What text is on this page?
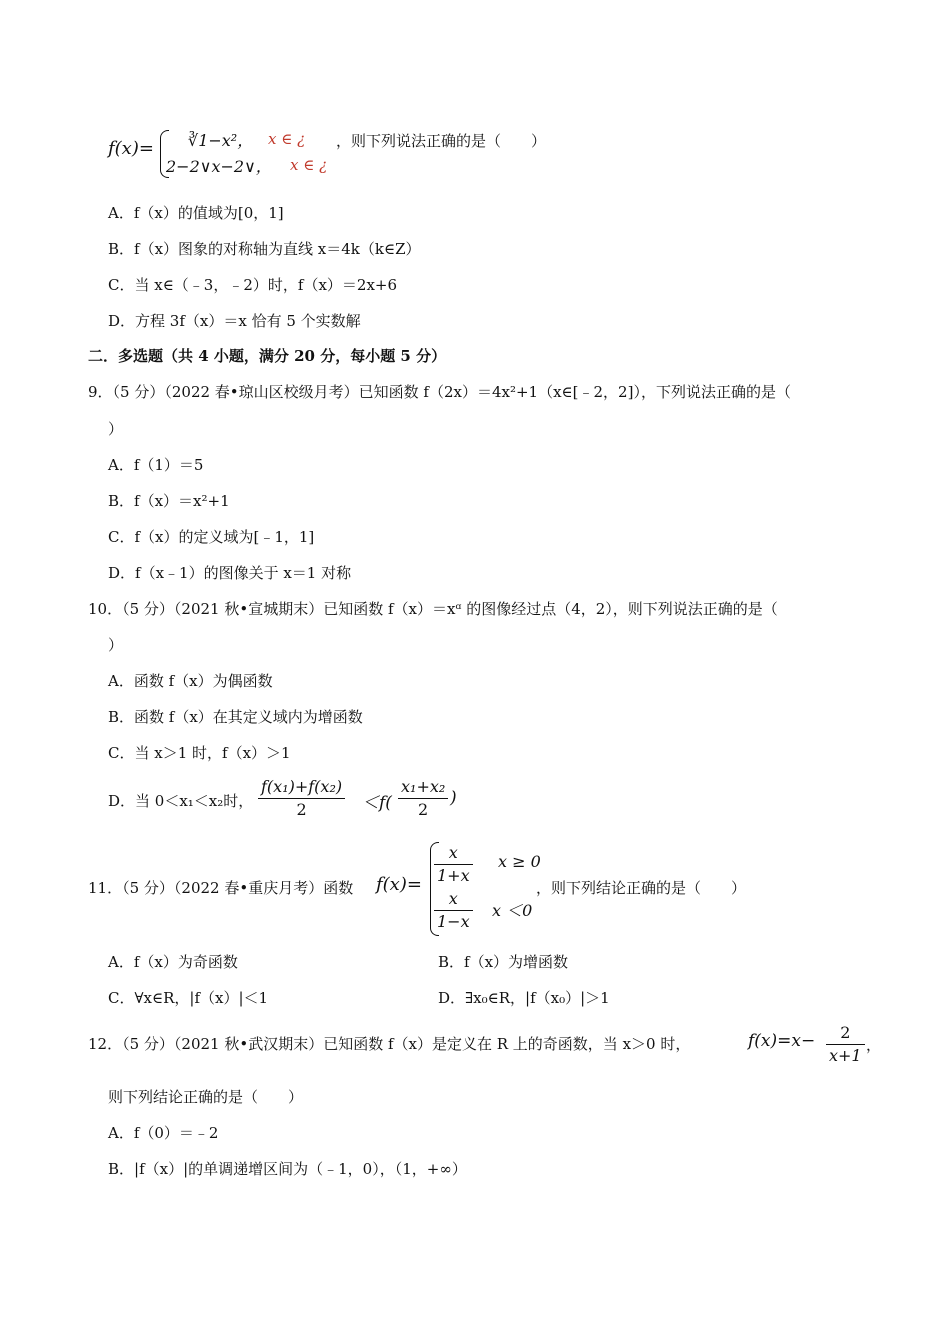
f(x)= ∛1−x²， x ∈ ¿
2−2∨x−2∨， x ∈ ¿
，则下列说法正确的是（　　）
A．f（x）的值域为[0，1]
B．f（x）图象的对称轴为直线 x＝4k（k∈Z）
C．当 x∈（﹣3，﹣2）时，f（x）＝2x+6
D．方程 3f（x）＝x 恰有 5 个实数解
二．多选题（共 4 小题，满分 20 分，每小题 5 分）
9．（5 分）（2022 春•琼山区校级月考）已知函数 f（2x）＝4x²+1（x∈[﹣2，2]），下列说法正确的是（
）
A．f（1）＝5
B．f（x）＝x²+1
C．f（x）的定义域为[﹣1，1]
D．f（x﹣1）的图像关于 x＝1 对称
10．（5 分）（2021 秋•宣城期末）已知函数 f（x）＝xᵅ 的图像经过点（4，2），则下列说法正确的是（
）
A．函数 f（x）为偶函数
B．函数 f（x）在其定义域内为增函数
C．当 x＞1 时，f（x）＞1
D．当 0＜x₁＜x₂时， $\frac{\text{f(x₁)+f(x₂)}}{2} <f( \frac{\text{x₁+x₂}}{2}$ )
11．（5 分）（2022 春•重庆月考）函数 $f(x)= \frac{x}{1+x}$ x ≥ 0
$\frac{x}{1-x}$ x ＜0
，则下列结论正确的是（　　）
A．f（x）为奇函数	B．f（x）为增函数
C．∀x∈R，|f（x）|＜1	D．∃x₀∈R，|f（x₀）|＞1
12．（5 分）（2021 秋•武汉期末）已知函数 f（x）是定义在 R 上的奇函数，当 x＞0 时，	$f(x)=x- \frac{2}{x+1}$ ，
则下列结论正确的是（　　）
A．f（0）＝﹣2
B．|f（x）|的单调递增区间为（﹣1，0），（1，+∞）
